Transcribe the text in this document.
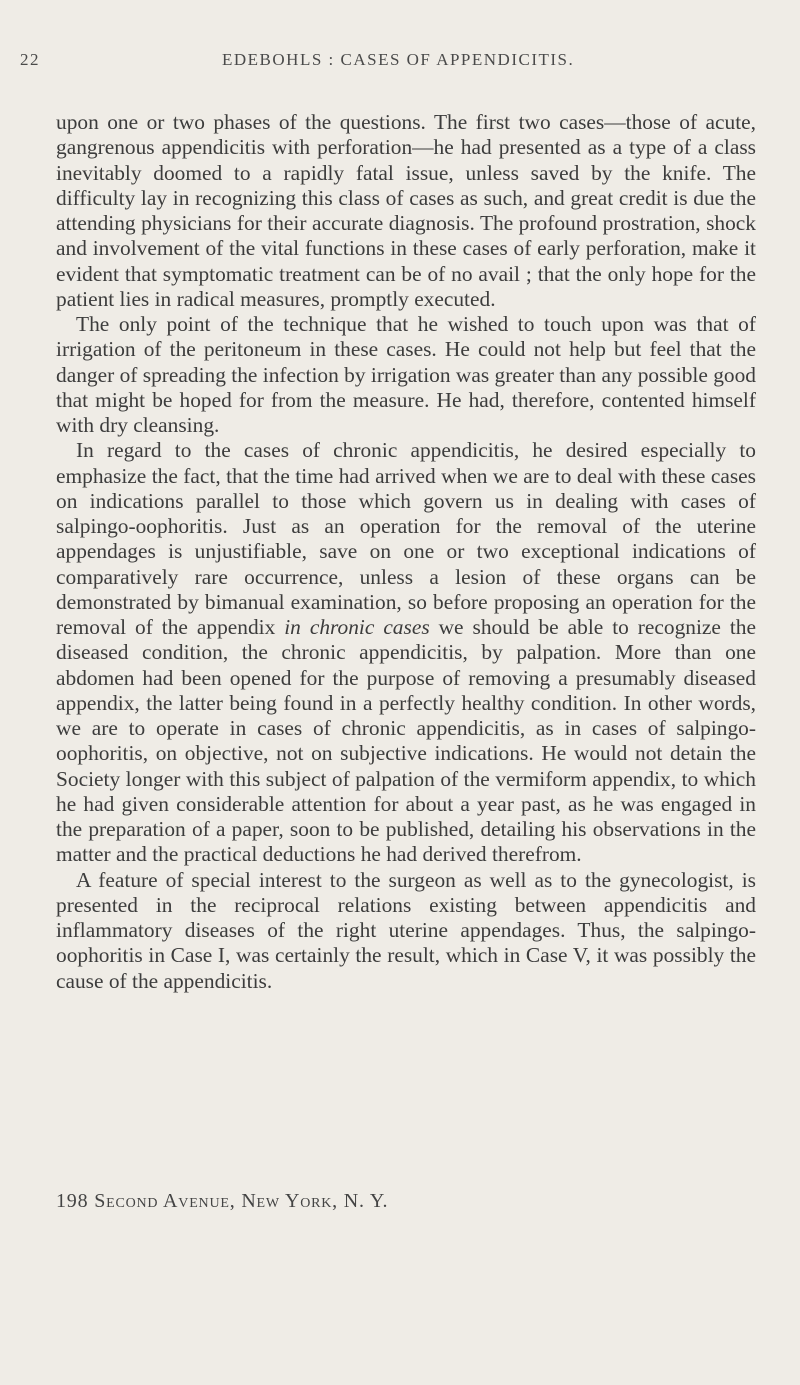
22	EDEBOHLS : CASES OF APPENDICITIS.

upon one or two phases of the questions. The first two cases—those of acute, gangrenous appendicitis with perforation—he had presented as a type of a class inevitably doomed to a rapidly fatal issue, unless saved by the knife. The difficulty lay in recognizing this class of cases as such, and great credit is due the attending physicians for their accurate diagnosis. The profound prostration, shock and involvement of the vital functions in these cases of early perforation, make it evident that symptomatic treatment can be of no avail ; that the only hope for the patient lies in radical measures, promptly executed.

The only point of the technique that he wished to touch upon was that of irrigation of the peritoneum in these cases. He could not help but feel that the danger of spreading the infection by irrigation was greater than any possible good that might be hoped for from the measure. He had, therefore, contented himself with dry cleansing.

In regard to the cases of chronic appendicitis, he desired especially to emphasize the fact, that the time had arrived when we are to deal with these cases on indications parallel to those which govern us in dealing with cases of salpingo-oophoritis. Just as an operation for the removal of the uterine appendages is unjustifiable, save on one or two exceptional indications of comparatively rare occurrence, unless a lesion of these organs can be demonstrated by bimanual examination, so before proposing an operation for the removal of the appendix in chronic cases we should be able to recognize the diseased condition, the chronic appendicitis, by palpation. More than one abdomen had been opened for the purpose of removing a presumably diseased appendix, the latter being found in a perfectly healthy condition. In other words, we are to operate in cases of chronic appendicitis, as in cases of salpingo-oophoritis, on objective, not on subjective indications. He would not detain the Society longer with this subject of palpation of the vermiform appendix, to which he had given considerable attention for about a year past, as he was engaged in the preparation of a paper, soon to be published, detailing his observations in the matter and the practical deductions he had derived therefrom.

A feature of special interest to the surgeon as well as to the gynecologist, is presented in the reciprocal relations existing between appendicitis and inflammatory diseases of the right uterine appendages. Thus, the salpingo-oophoritis in Case I, was certainly the result, which in Case V, it was possibly the cause of the appendicitis.

198 Second Avenue, New York, N. Y.
